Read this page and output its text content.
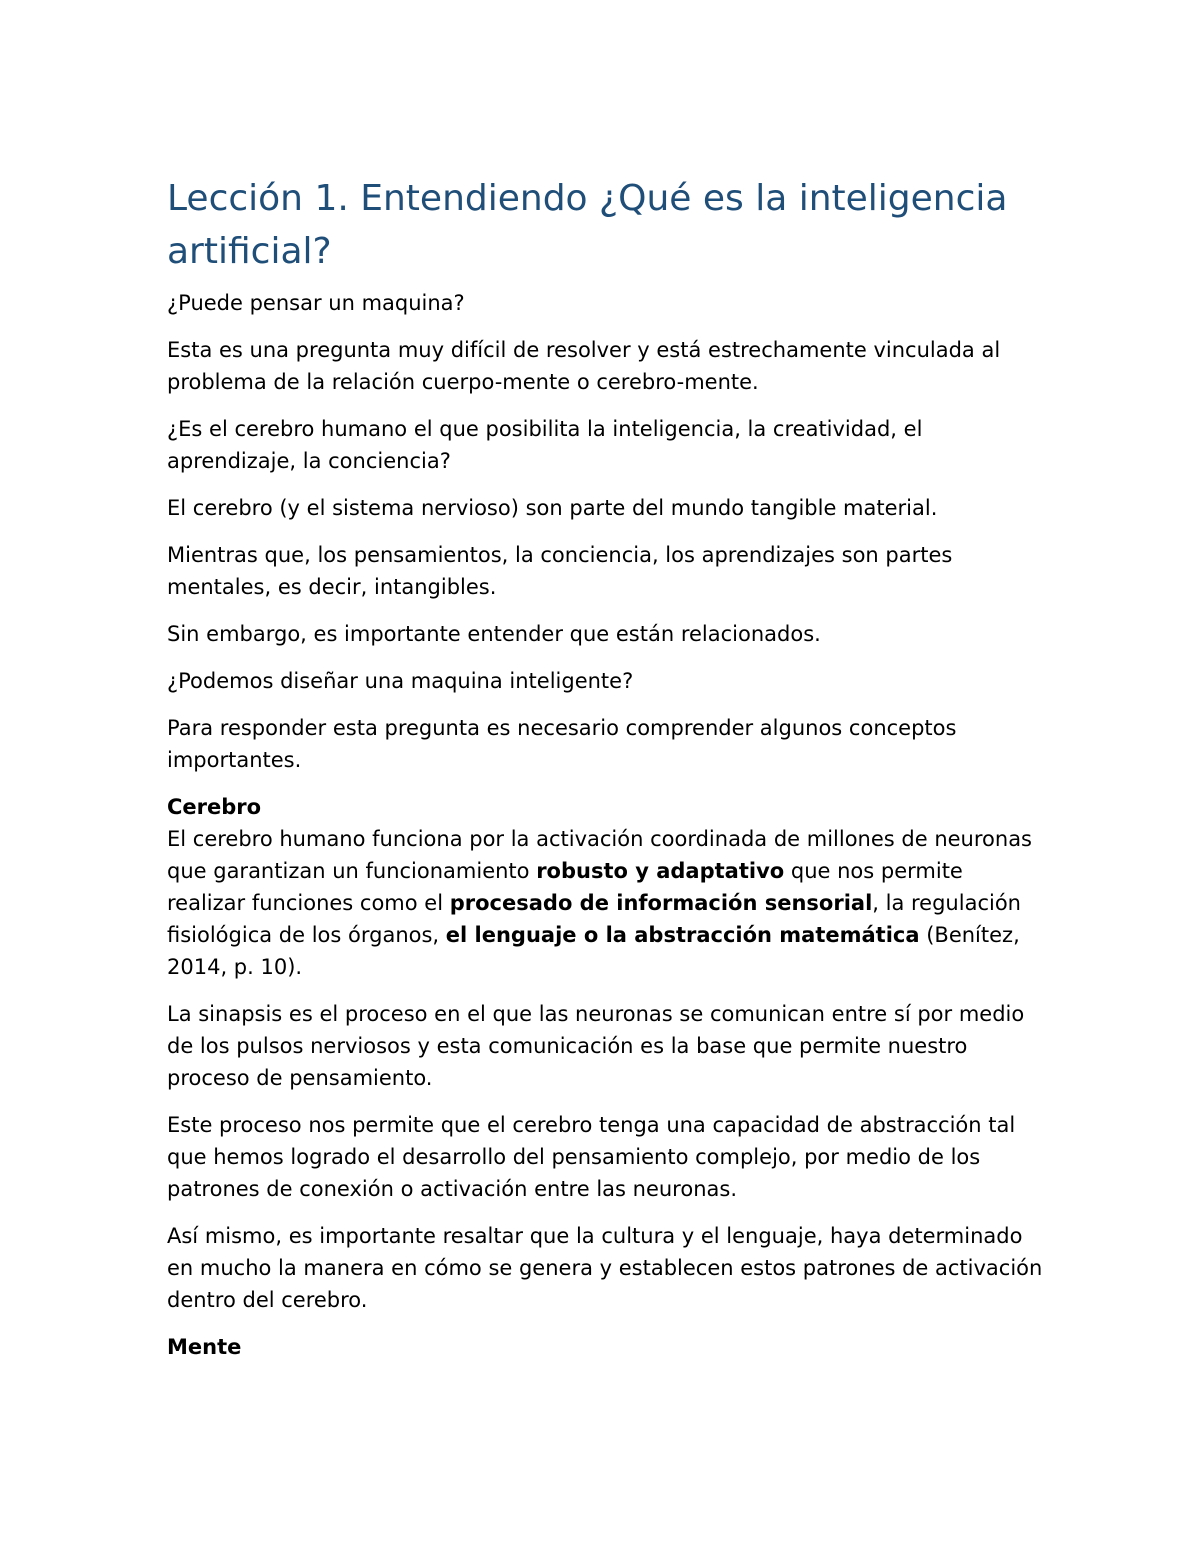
Lección 1. Entendiendo ¿Qué es la inteligencia artificial?

¿Puede pensar un maquina?

Esta es una pregunta muy difícil de resolver y está estrechamente vinculada al problema de la relación cuerpo-mente o cerebro-mente.

¿Es el cerebro humano el que posibilita la inteligencia, la creatividad, el aprendizaje, la conciencia?

El cerebro (y el sistema nervioso) son parte del mundo tangible material.

Mientras que, los pensamientos, la conciencia, los aprendizajes son partes mentales, es decir, intangibles.

Sin embargo, es importante entender que están relacionados.

¿Podemos diseñar una maquina inteligente?

Para responder esta pregunta es necesario comprender algunos conceptos importantes.

Cerebro

El cerebro humano funciona por la activación coordinada de millones de neuronas que garantizan un funcionamiento robusto y adaptativo que nos permite realizar funciones como el procesado de información sensorial, la regulación fisiológica de los órganos, el lenguaje o la abstracción matemática (Benítez, 2014, p. 10).

La sinapsis es el proceso en el que las neuronas se comunican entre sí por medio de los pulsos nerviosos y esta comunicación es la base que permite nuestro proceso de pensamiento.

Este proceso nos permite que el cerebro tenga una capacidad de abstracción tal que hemos logrado el desarrollo del pensamiento complejo, por medio de los patrones de conexión o activación entre las neuronas.

Así mismo, es importante resaltar que la cultura y el lenguaje, haya determinado en mucho la manera en cómo se genera y establecen estos patrones de activación dentro del cerebro.

Mente
